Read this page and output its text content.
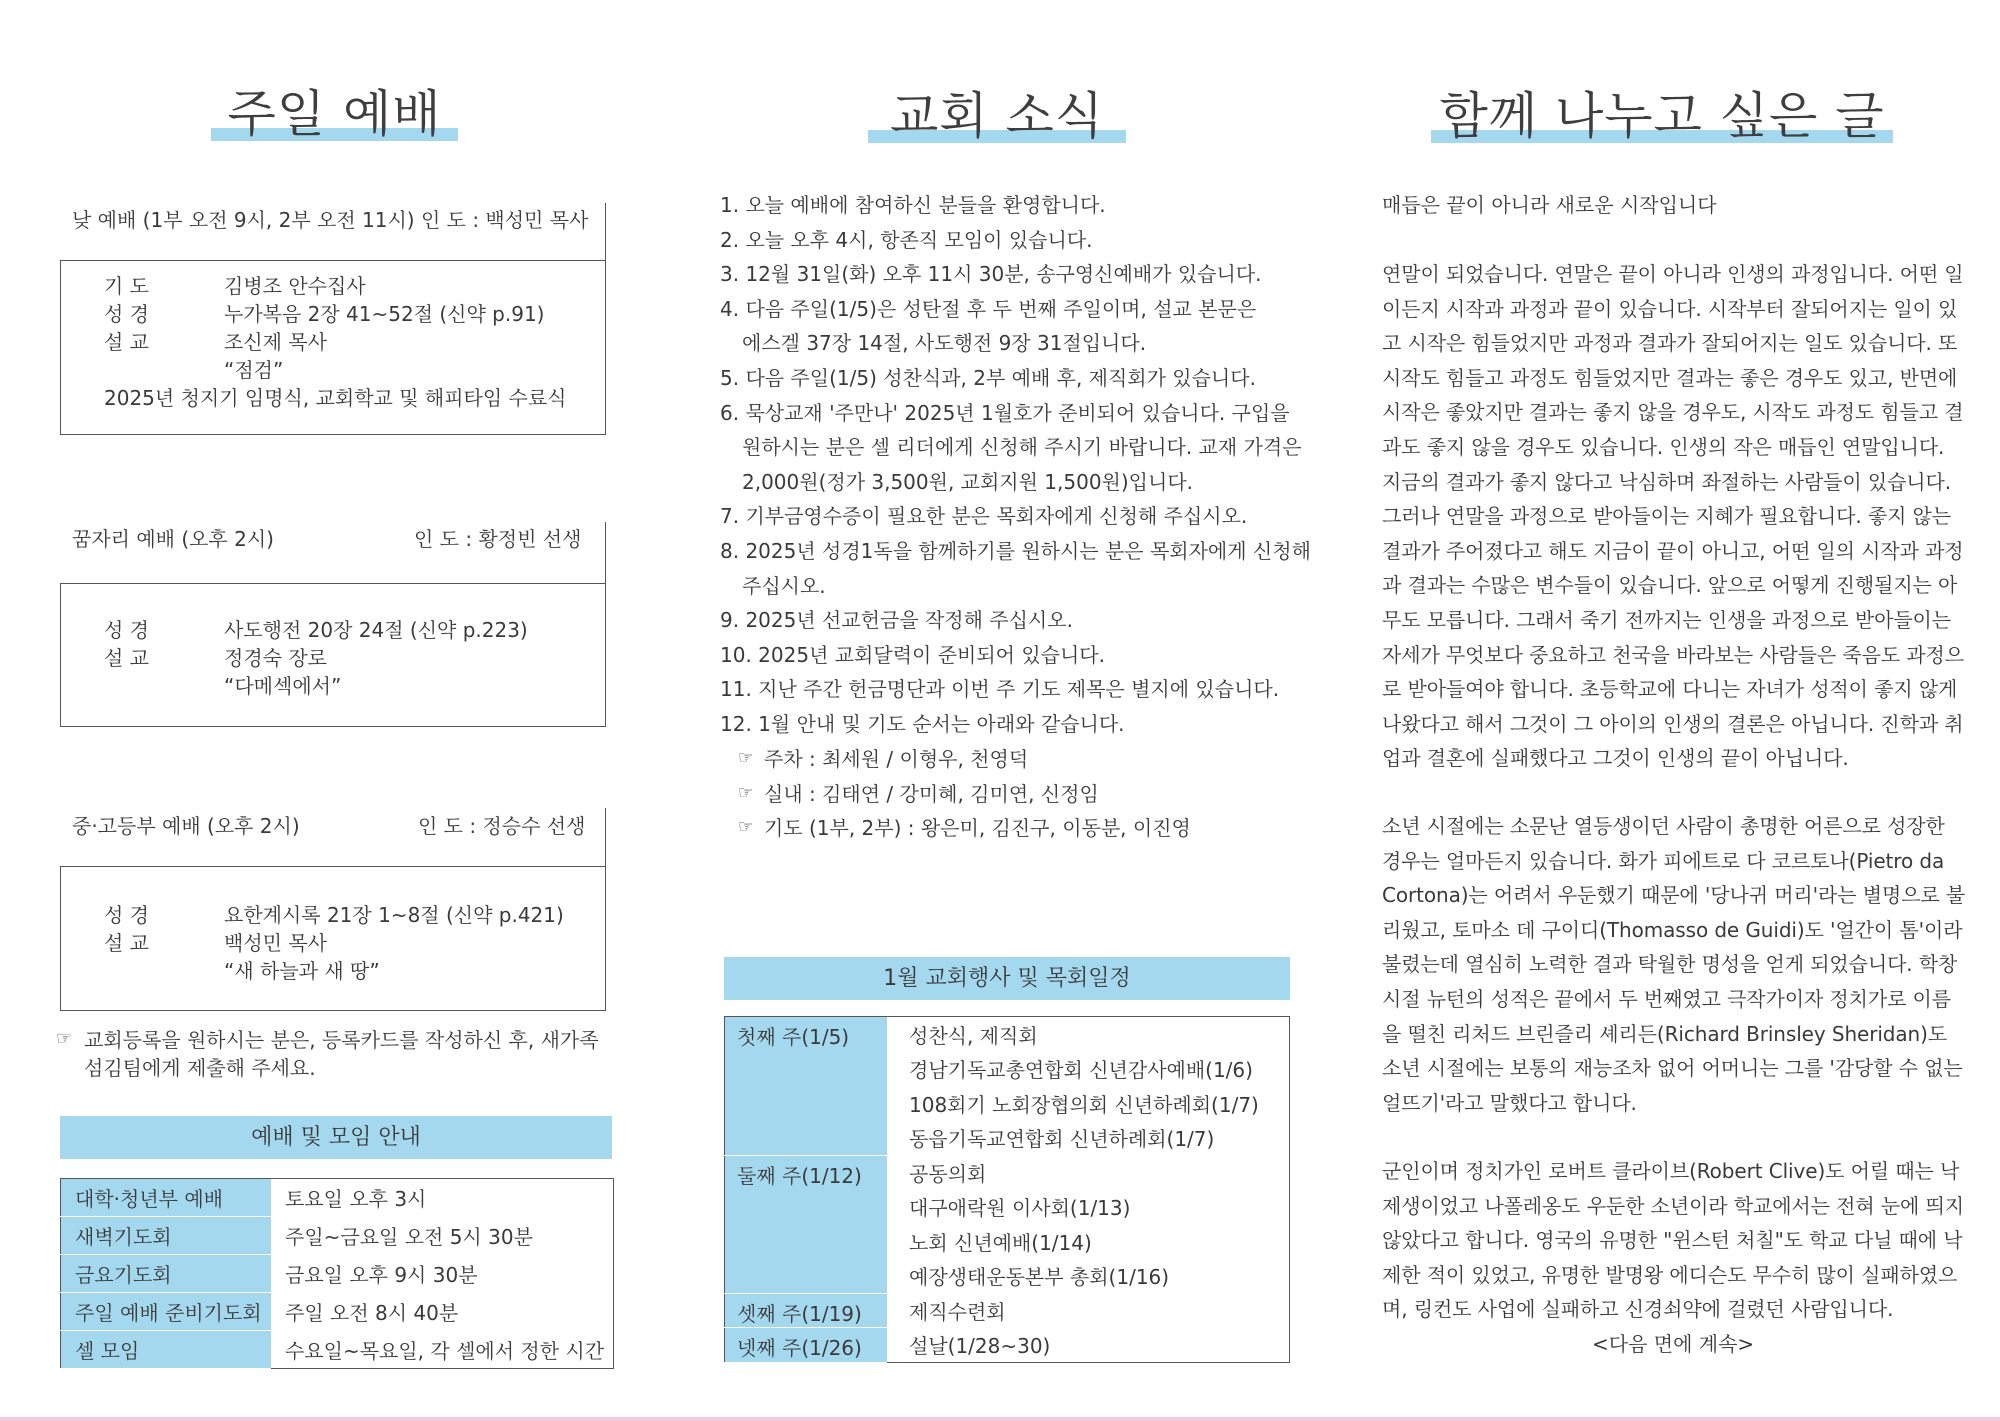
주일 예배	교회 소식	함께 나누고 싶은 글
낮 예배 (1부 오전 9시, 2부 오전 11시) 인 도 : 백성민 목사
기 도	김병조 안수집사
성 경	누가복음 2장 41~52절 (신약 p.91)
설 교	조신제 목사
“점검”
2025년 청지기 임명식, 교회학교 및 해피타임 수료식
꿈자리 예배 (오후 2시)	인 도 : 황정빈 선생
성 경	사도행전 20장 24절 (신약 p.223)
설 교	정경숙 장로
“다메섹에서”
중·고등부 예배 (오후 2시)	인 도 : 정승수 선생
성 경	요한계시록 21장 1~8절 (신약 p.421)
설 교	백성민 목사
“새 하늘과 새 땅”
☞ 교회등록을 원하시는 분은, 등록카드를 작성하신 후, 새가족
섬김팀에게 제출해 주세요.
예배 및 모임 안내
대학·청년부 예배	토요일 오후 3시
새벽기도회	주일~금요일 오전 5시 30분
금요기도회	금요일 오후 9시 30분
주일 예배 준비기도회	주일 오전 8시 40분
셀 모임	수요일~목요일, 각 셀에서 정한 시간
1. 오늘 예배에 참여하신 분들을 환영합니다.
2. 오늘 오후 4시, 항존직 모임이 있습니다.
3. 12월 31일(화) 오후 11시 30분, 송구영신예배가 있습니다.
4. 다음 주일(1/5)은 성탄절 후 두 번째 주일이며, 설교 본문은
에스겔 37장 14절, 사도행전 9장 31절입니다.
5. 다음 주일(1/5) 성찬식과, 2부 예배 후, 제직회가 있습니다.
6. 묵상교재 '주만나' 2025년 1월호가 준비되어 있습니다. 구입을
원하시는 분은 셀 리더에게 신청해 주시기 바랍니다. 교재 가격은
2,000원(정가 3,500원, 교회지원 1,500원)입니다.
7. 기부금영수증이 필요한 분은 목회자에게 신청해 주십시오.
8. 2025년 성경1독을 함께하기를 원하시는 분은 목회자에게 신청해
주십시오.
9. 2025년 선교헌금을 작정해 주십시오.
10. 2025년 교회달력이 준비되어 있습니다.
11. 지난 주간 헌금명단과 이번 주 기도 제목은 별지에 있습니다.
12. 1월 안내 및 기도 순서는 아래와 같습니다.
☞ 주차 : 최세원 / 이형우, 천영덕
☞ 실내 : 김태연 / 강미혜, 김미연, 신정임
☞ 기도 (1부, 2부) : 왕은미, 김진구, 이동분, 이진영
1월 교회행사 및 목회일정
첫째 주(1/5)	성찬식, 제직회
	경남기독교총연합회 신년감사예배(1/6)
	108회기 노회장협의회 신년하례회(1/7)
	동읍기독교연합회 신년하례회(1/7)
둘째 주(1/12)	공동의회
	대구애락원 이사회(1/13)
	노회 신년예배(1/14)
	예장생태운동본부 총회(1/16)
셋째 주(1/19)	제직수련회
넷째 주(1/26)	설날(1/28~30)
매듭은 끝이 아니라 새로운 시작입니다
연말이 되었습니다. 연말은 끝이 아니라 인생의 과정입니다. 어떤 일
이든지 시작과 과정과 끝이 있습니다. 시작부터 잘되어지는 일이 있
고 시작은 힘들었지만 과정과 결과가 잘되어지는 일도 있습니다. 또
시작도 힘들고 과정도 힘들었지만 결과는 좋은 경우도 있고, 반면에
시작은 좋았지만 결과는 좋지 않을 경우도, 시작도 과정도 힘들고 결
과도 좋지 않을 경우도 있습니다. 인생의 작은 매듭인 연말입니다.
지금의 결과가 좋지 않다고 낙심하며 좌절하는 사람들이 있습니다.
그러나 연말을 과정으로 받아들이는 지혜가 필요합니다. 좋지 않는
결과가 주어졌다고 해도 지금이 끝이 아니고, 어떤 일의 시작과 과정
과 결과는 수많은 변수들이 있습니다. 앞으로 어떻게 진행될지는 아
무도 모릅니다. 그래서 죽기 전까지는 인생을 과정으로 받아들이는
자세가 무엇보다 중요하고 천국을 바라보는 사람들은 죽음도 과정으
로 받아들여야 합니다. 초등학교에 다니는 자녀가 성적이 좋지 않게
나왔다고 해서 그것이 그 아이의 인생의 결론은 아닙니다. 진학과 취
업과 결혼에 실패했다고 그것이 인생의 끝이 아닙니다.
소년 시절에는 소문난 열등생이던 사람이 총명한 어른으로 성장한
경우는 얼마든지 있습니다. 화가 피에트로 다 코르토나(Pietro da
Cortona)는 어려서 우둔했기 때문에 '당나귀 머리'라는 별명으로 불
리웠고, 토마소 데 구이디(Thomasso de Guidi)도 '얼간이 톰'이라
불렸는데 열심히 노력한 결과 탁월한 명성을 얻게 되었습니다. 학창
시절 뉴턴의 성적은 끝에서 두 번째였고 극작가이자 정치가로 이름
을 떨친 리처드 브린즐리 셰리든(Richard Brinsley Sheridan)도
소년 시절에는 보통의 재능조차 없어 어머니는 그를 '감당할 수 없는
얼뜨기'라고 말했다고 합니다.
군인이며 정치가인 로버트 클라이브(Robert Clive)도 어릴 때는 낙
제생이었고 나폴레옹도 우둔한 소년이라 학교에서는 전혀 눈에 띄지
않았다고 합니다. 영국의 유명한 "윈스턴 처칠"도 학교 다닐 때에 낙
제한 적이 있었고, 유명한 발명왕 에디슨도 무수히 많이 실패하였으
며, 링컨도 사업에 실패하고 신경쇠약에 걸렸던 사람입니다.
<다음 면에 계속>
